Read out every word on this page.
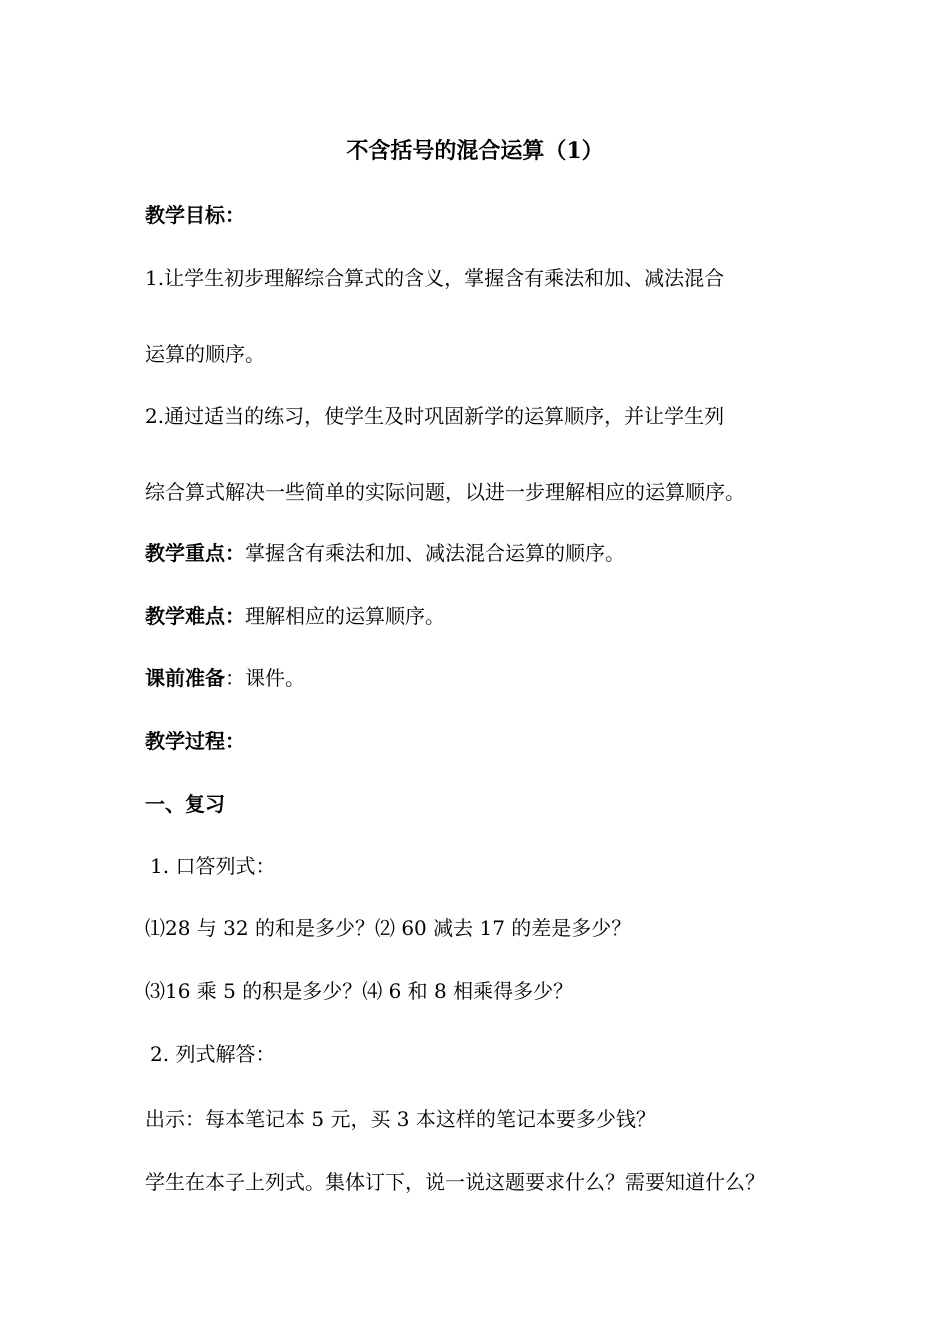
不含括号的混合运算（1）
教学目标：
1.让学生初步理解综合算式的含义，掌握含有乘法和加、减法混合
运算的顺序。
2.通过适当的练习，使学生及时巩固新学的运算顺序，并让学生列
综合算式解决一些简单的实际问题，以进一步理解相应的运算顺序。
教学重点：掌握含有乘法和加、减法混合运算的顺序。
教学难点：理解相应的运算顺序。
课前准备：课件。
教学过程：
一、复习
1. 口答列式：
⑴28 与 32 的和是多少？⑵ 60 减去 17 的差是多少？
⑶16 乘 5 的积是多少？⑷ 6 和 8 相乘得多少？
2. 列式解答：
出示：每本笔记本 5 元，买 3 本这样的笔记本要多少钱？
学生在本子上列式。集体订下，说一说这题要求什么？需要知道什么？
